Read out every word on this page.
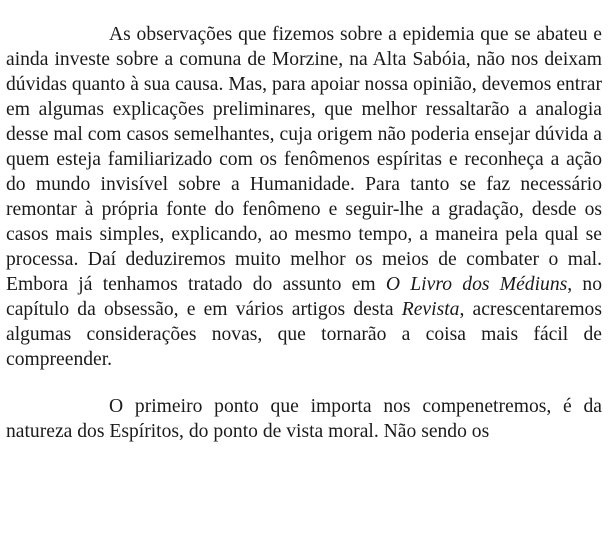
As observações que fizemos sobre a epidemia que se abateu e ainda investe sobre a comuna de Morzine, na Alta Sabóia, não nos deixam dúvidas quanto à sua causa. Mas, para apoiar nossa opinião, devemos entrar em algumas explicações preliminares, que melhor ressaltarão a analogia desse mal com casos semelhantes, cuja origem não poderia ensejar dúvida a quem esteja familiarizado com os fenômenos espíritas e reconheça a ação do mundo invisível sobre a Humanidade. Para tanto se faz necessário remontar à própria fonte do fenômeno e seguir-lhe a gradação, desde os casos mais simples, explicando, ao mesmo tempo, a maneira pela qual se processa. Daí deduziremos muito melhor os meios de combater o mal. Embora já tenhamos tratado do assunto em O Livro dos Médiuns, no capítulo da obsessão, e em vários artigos desta Revista, acrescentaremos algumas considerações novas, que tornarão a coisa mais fácil de compreender.

O primeiro ponto que importa nos compenetremos, é da natureza dos Espíritos, do ponto de vista moral. Não sendo os
